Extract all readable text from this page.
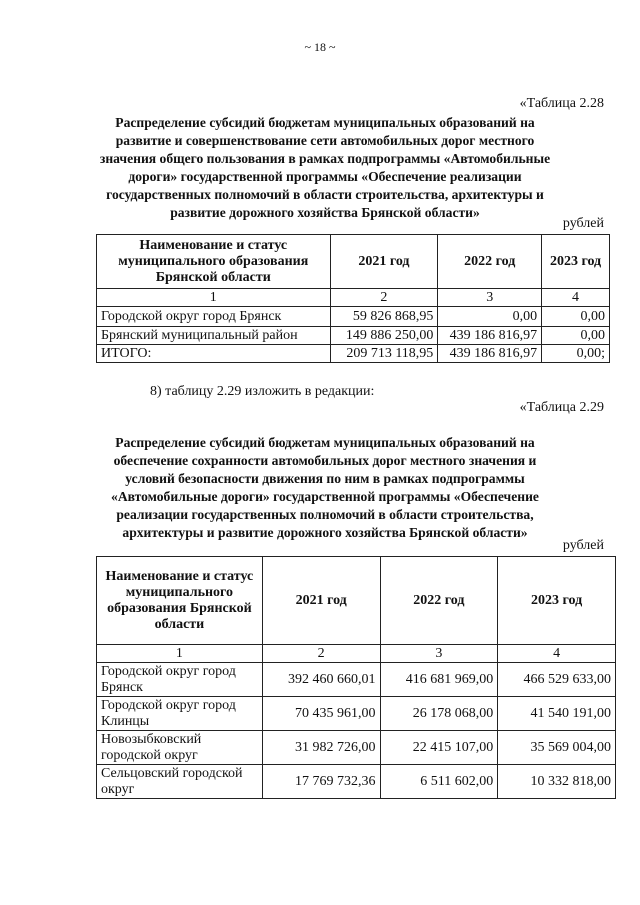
~ 18 ~
«Таблица 2.28
Распределение субсидий бюджетам муниципальных образований на развитие и совершенствование сети автомобильных дорог местного значения общего пользования в рамках подпрограммы «Автомобильные дороги» государственной программы «Обеспечение реализации государственных полномочий в области строительства, архитектуры и развитие дорожного хозяйства Брянской области»
рублей
Наименование и статус муниципального образования Брянской области	2021 год	2022 год	2023 год
1	2	3	4
Городской округ город Брянск	59 826 868,95	0,00	0,00
Брянский муниципальный район	149 886 250,00	439 186 816,97	0,00
ИТОГО:	209 713 118,95	439 186 816,97	0,00;
8) таблицу 2.29 изложить в редакции:
«Таблица 2.29
Распределение субсидий бюджетам муниципальных образований на обеспечение сохранности автомобильных дорог местного значения и условий безопасности движения по ним в рамках подпрограммы «Автомобильные дороги» государственной программы «Обеспечение реализации государственных полномочий в области строительства, архитектуры и развитие дорожного хозяйства Брянской области»
рублей
Наименование и статус муниципального образования Брянской области	2021 год	2022 год	2023 год
1	2	3	4
Городской округ город Брянск	392 460 660,01	416 681 969,00	466 529 633,00
Городской округ город Клинцы	70 435 961,00	26 178 068,00	41 540 191,00
Новозыбковский городской округ	31 982 726,00	22 415 107,00	35 569 004,00
Сельцовский городской округ	17 769 732,36	6 511 602,00	10 332 818,00
